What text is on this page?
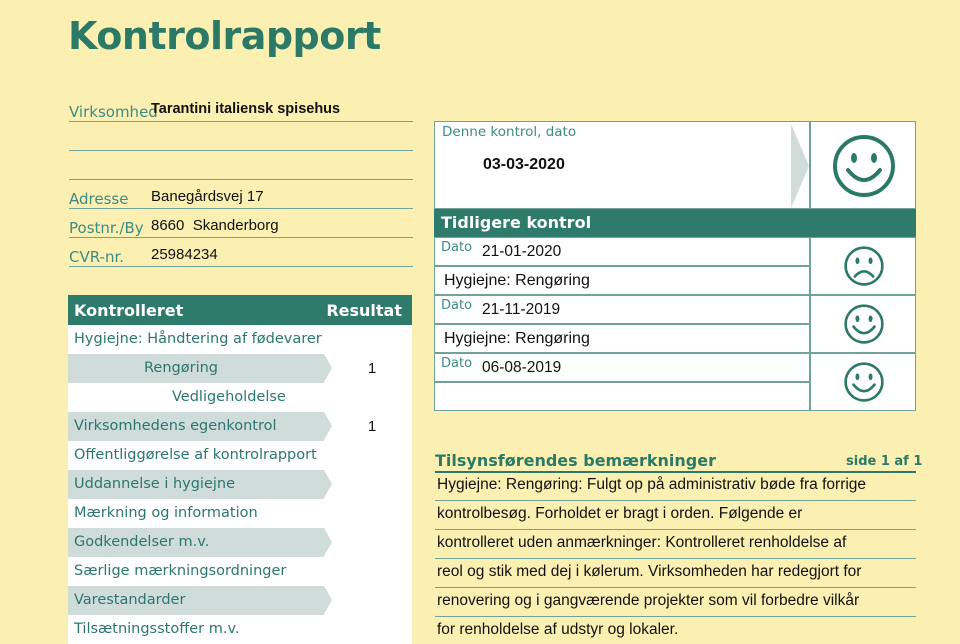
Kontrolrapport
Virksomhed
Tarantini italiensk spisehus
Adresse Banegårdsvej 17
Postnr./By 8660  Skanderborg
CVR-nr. 25984234
Kontrolleret	Resultat
Hygiejne: Håndtering af fødevarer
Rengøring	1
Vedligeholdelse
Virksomhedens egenkontrol	1
Offentliggørelse af kontrolrapport
Uddannelse i hygiejne
Mærkning og information
Godkendelser m.v.
Særlige mærkningsordninger
Varestandarder
Tilsætningsstoffer m.v.
Denne kontrol, dato
03-03-2020
Tidligere kontrol
Dato 21-01-2020
Hygiejne: Rengøring
Dato 21-11-2019
Hygiejne: Rengøring
Dato 06-08-2019
Tilsynsførendes bemærkninger	side 1 af 1
Hygiejne: Rengøring: Fulgt op på administrativ bøde fra forrige
kontrolbesøg. Forholdet er bragt i orden. Følgende er
kontrolleret uden anmærkninger: Kontrolleret renholdelse af
reol og stik med dej i kølerum. Virksomheden har redegjort for
renovering og i gangværende projekter som vil forbedre vilkår
for renholdelse af udstyr og lokaler.
